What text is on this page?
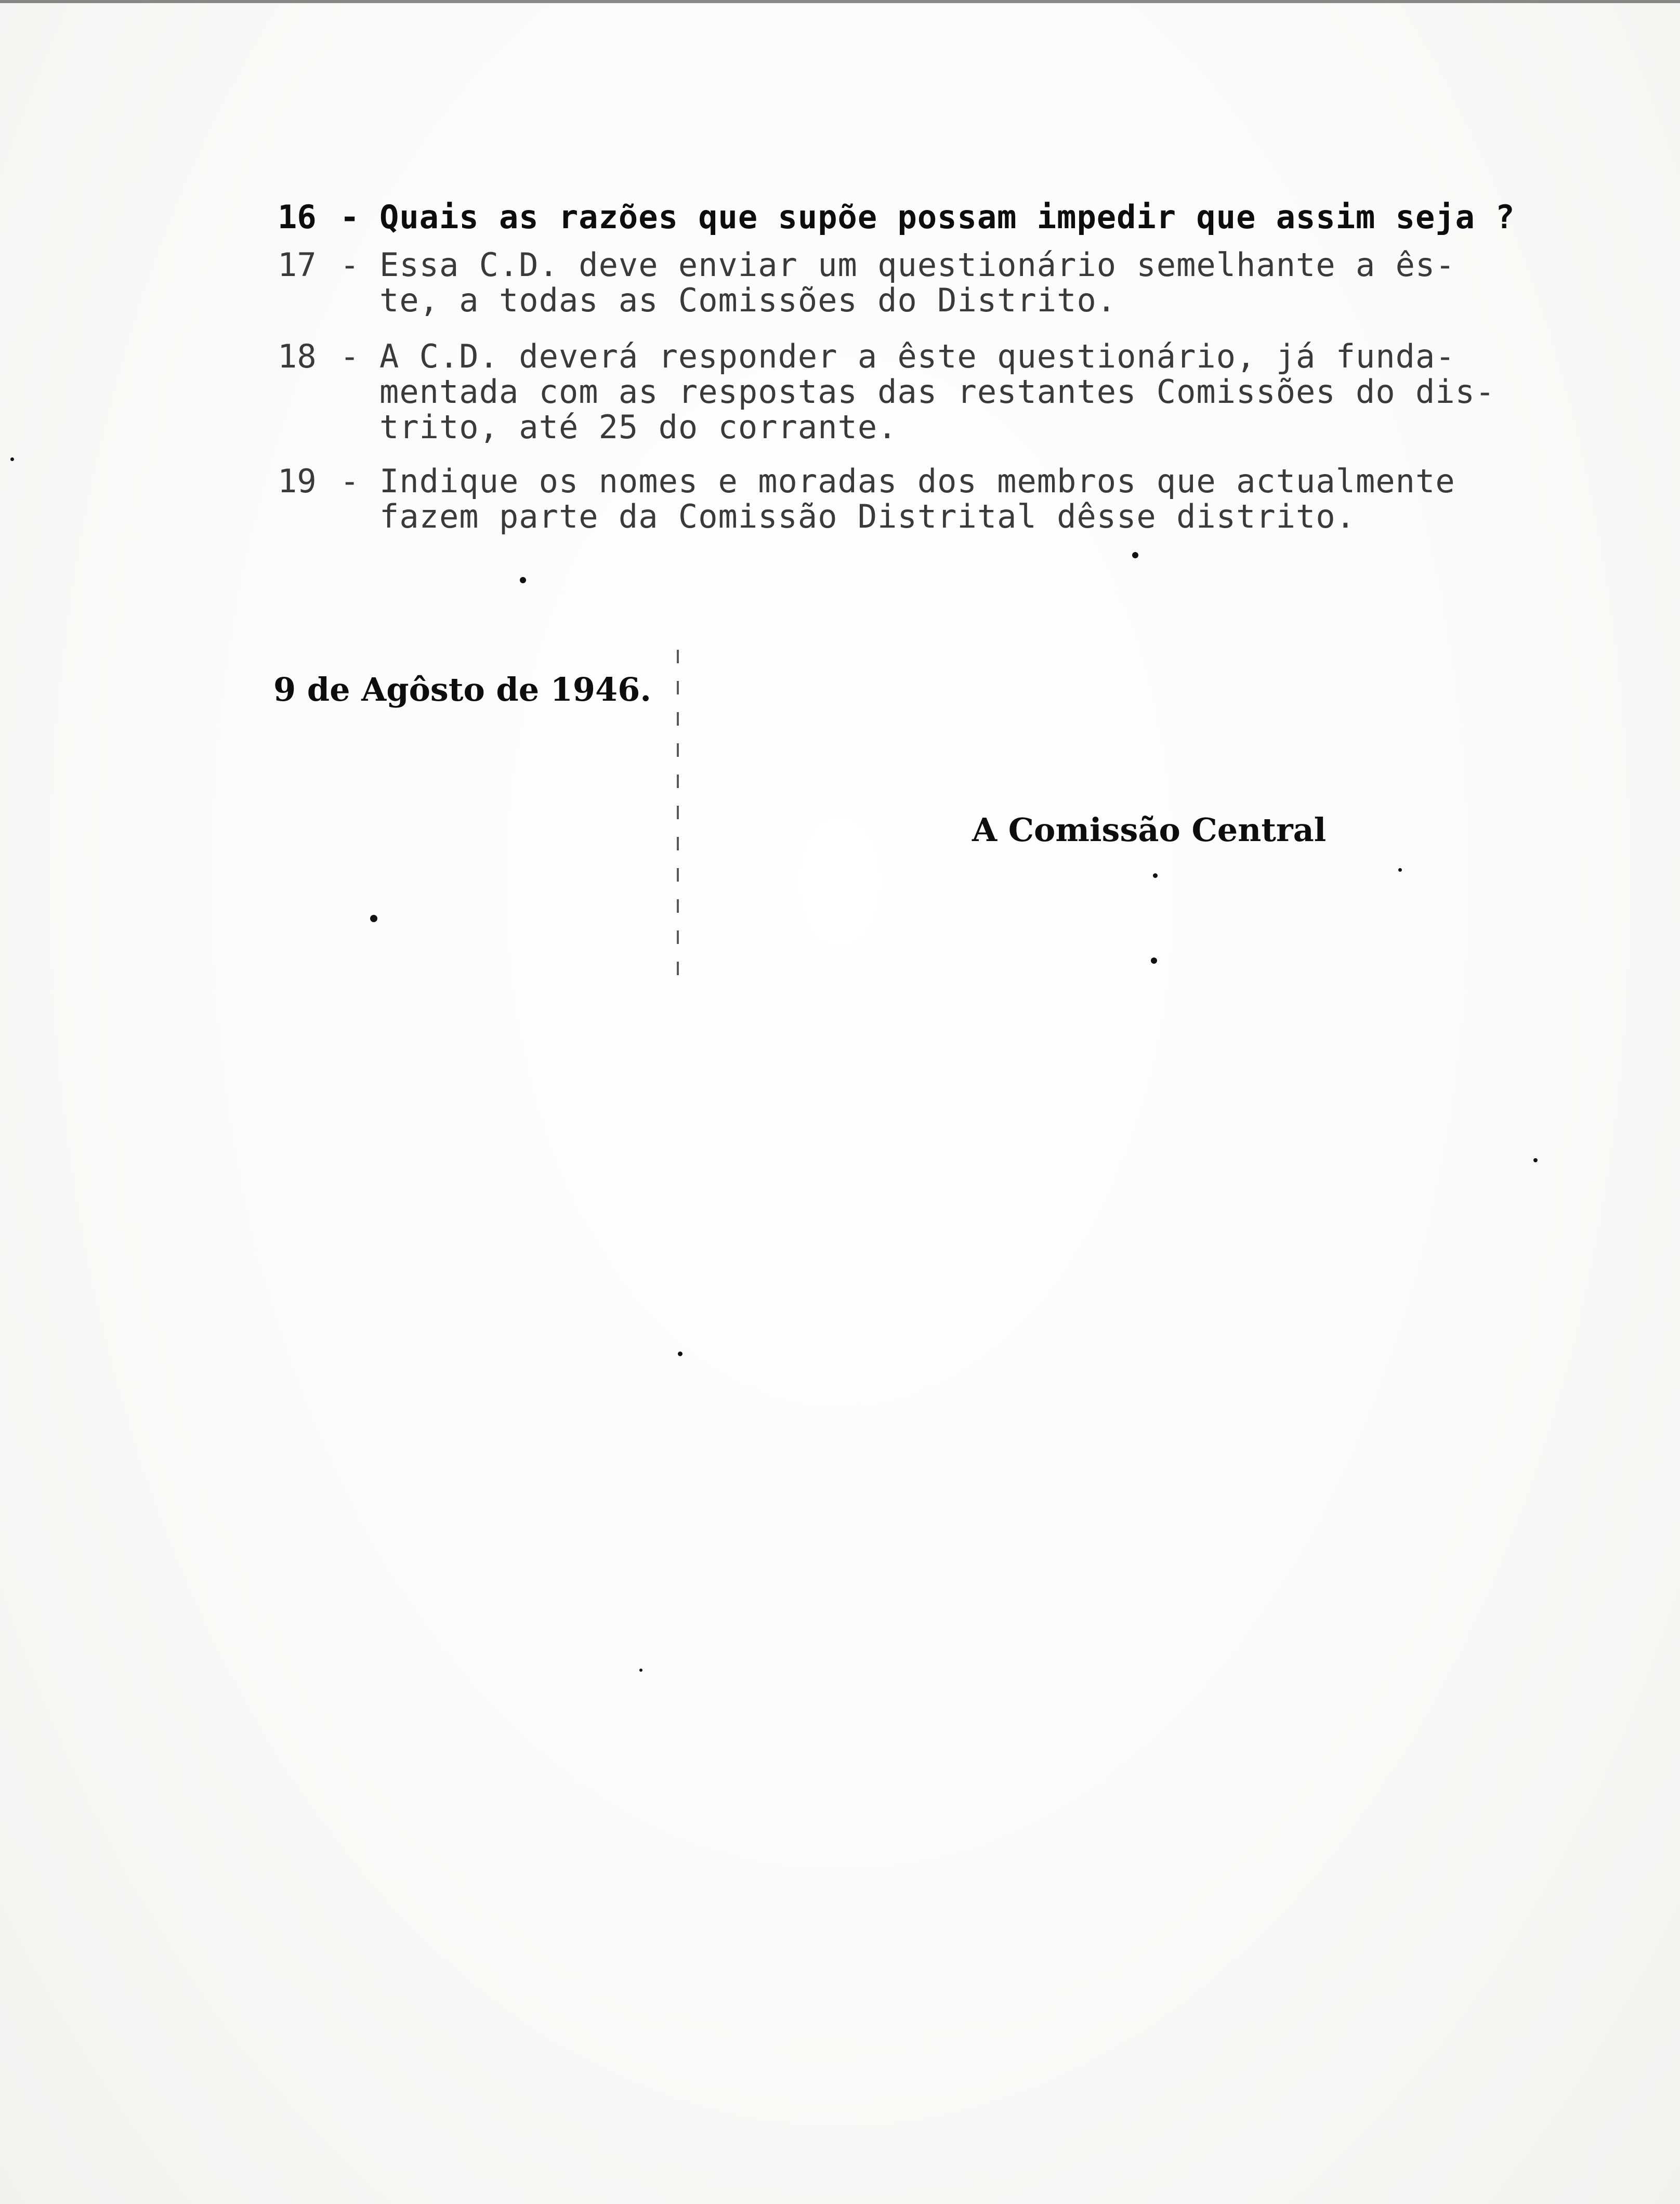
16 - Quais as razões que supõe possam impedir que assim seja ?
17 - Essa C.D. deve enviar um questionário semelhante a ês-
te, a todas as Comissões do Distrito.
18 - A C.D. deverá responder a êste questionário, já funda-
mentada com as respostas das restantes Comissões do dis-
trito, até 25 do corrante.
19 - Indique os nomes e moradas dos membros que actualmente
fazem parte da Comissão Distrital dêsse distrito.
9 de Agôsto de 1946.
A Comissão Central
